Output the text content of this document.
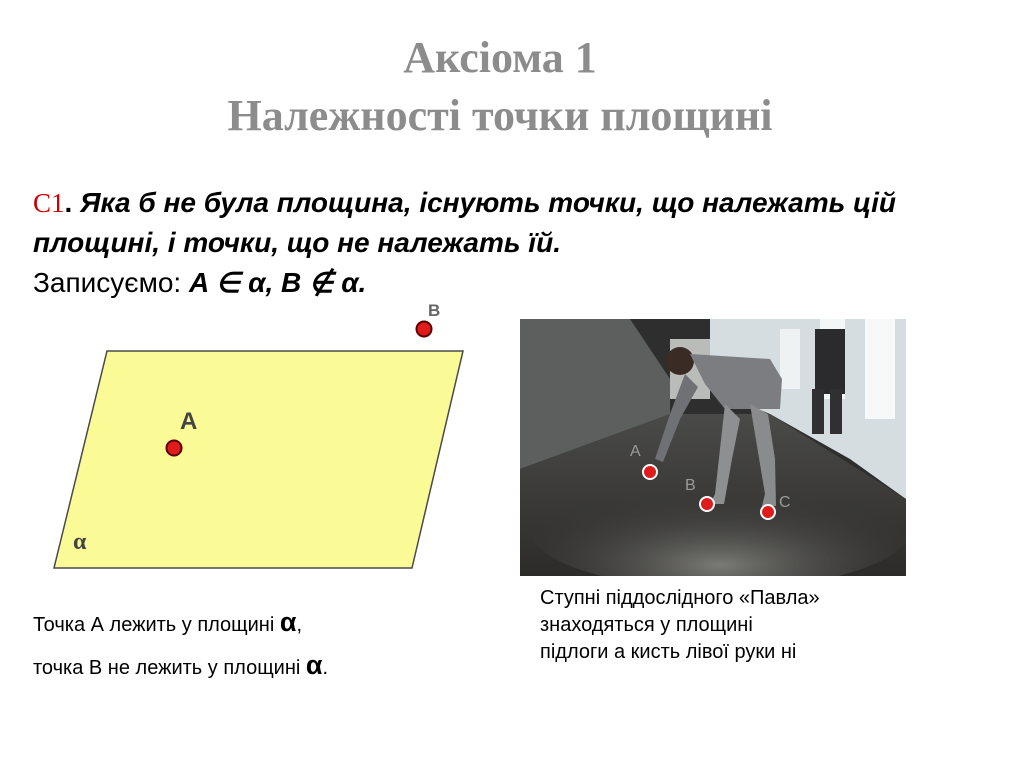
Аксіома 1
Належності точки площині
С1. Яка б не була площина, існують точки, що належать цій площині, і точки, що не належать їй.
Записуємо: A ∈ α, B ∉ α.
α
А
В
А
В
С
Точка А лежить у площині α,
точка В не лежить у площині α.
Ступні піддослідного «Павла»
знаходяться у площині
підлоги а кисть лівої руки ні
